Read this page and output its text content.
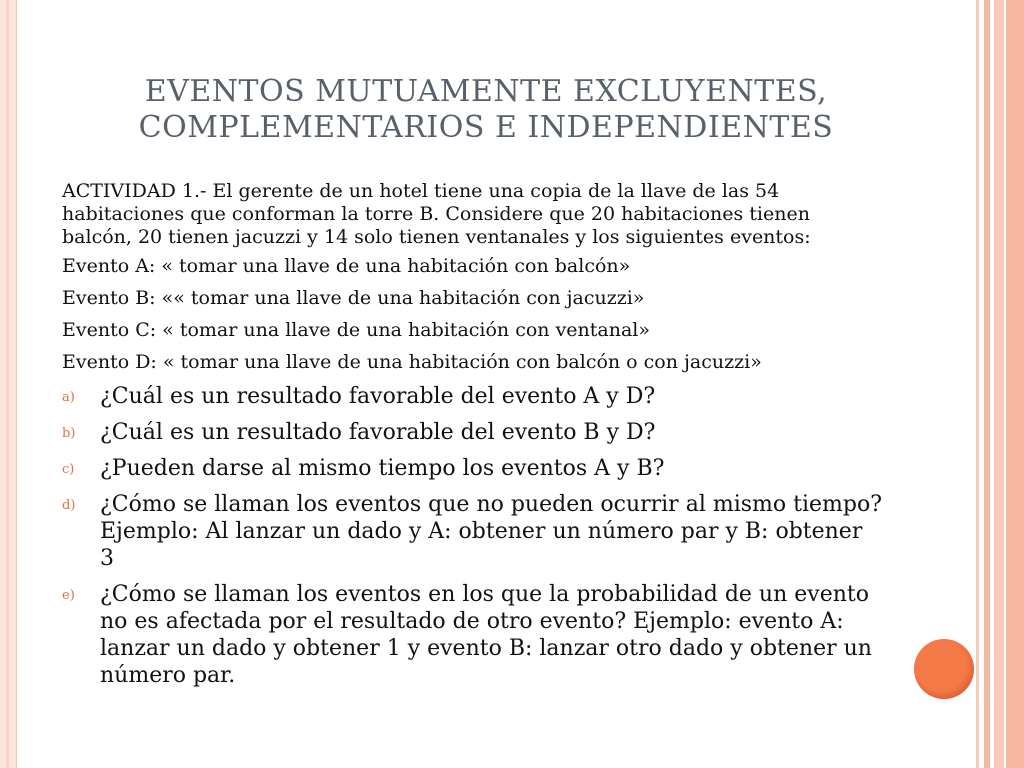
EVENTOS MUTUAMENTE EXCLUYENTES,
COMPLEMENTARIOS E INDEPENDIENTES
ACTIVIDAD 1.- El gerente de un hotel tiene una copia de la llave de las 54 habitaciones que conforman la torre B. Considere que 20 habitaciones tienen balcón, 20 tienen jacuzzi y 14 solo tienen ventanales y los siguientes eventos:
Evento A: « tomar una llave de una habitación con balcón»
Evento B: «« tomar una llave de una habitación con jacuzzi»
Evento C: « tomar una llave de una habitación con ventanal»
Evento D: « tomar una llave de una habitación con balcón o con jacuzzi»
a)	¿Cuál es un resultado favorable del evento A y D?
b)	¿Cuál es un resultado favorable del evento B y D?
c)	¿Pueden darse al mismo tiempo los eventos A y B?
d)	¿Cómo se llaman los eventos que no pueden ocurrir al mismo tiempo? Ejemplo: Al lanzar un dado y A: obtener un número par y B: obtener 3
e)	¿Cómo se llaman los eventos en los que la probabilidad de un evento no es afectada por el resultado de otro evento? Ejemplo: evento A: lanzar un dado y obtener 1 y evento B: lanzar otro dado y obtener un número par.
